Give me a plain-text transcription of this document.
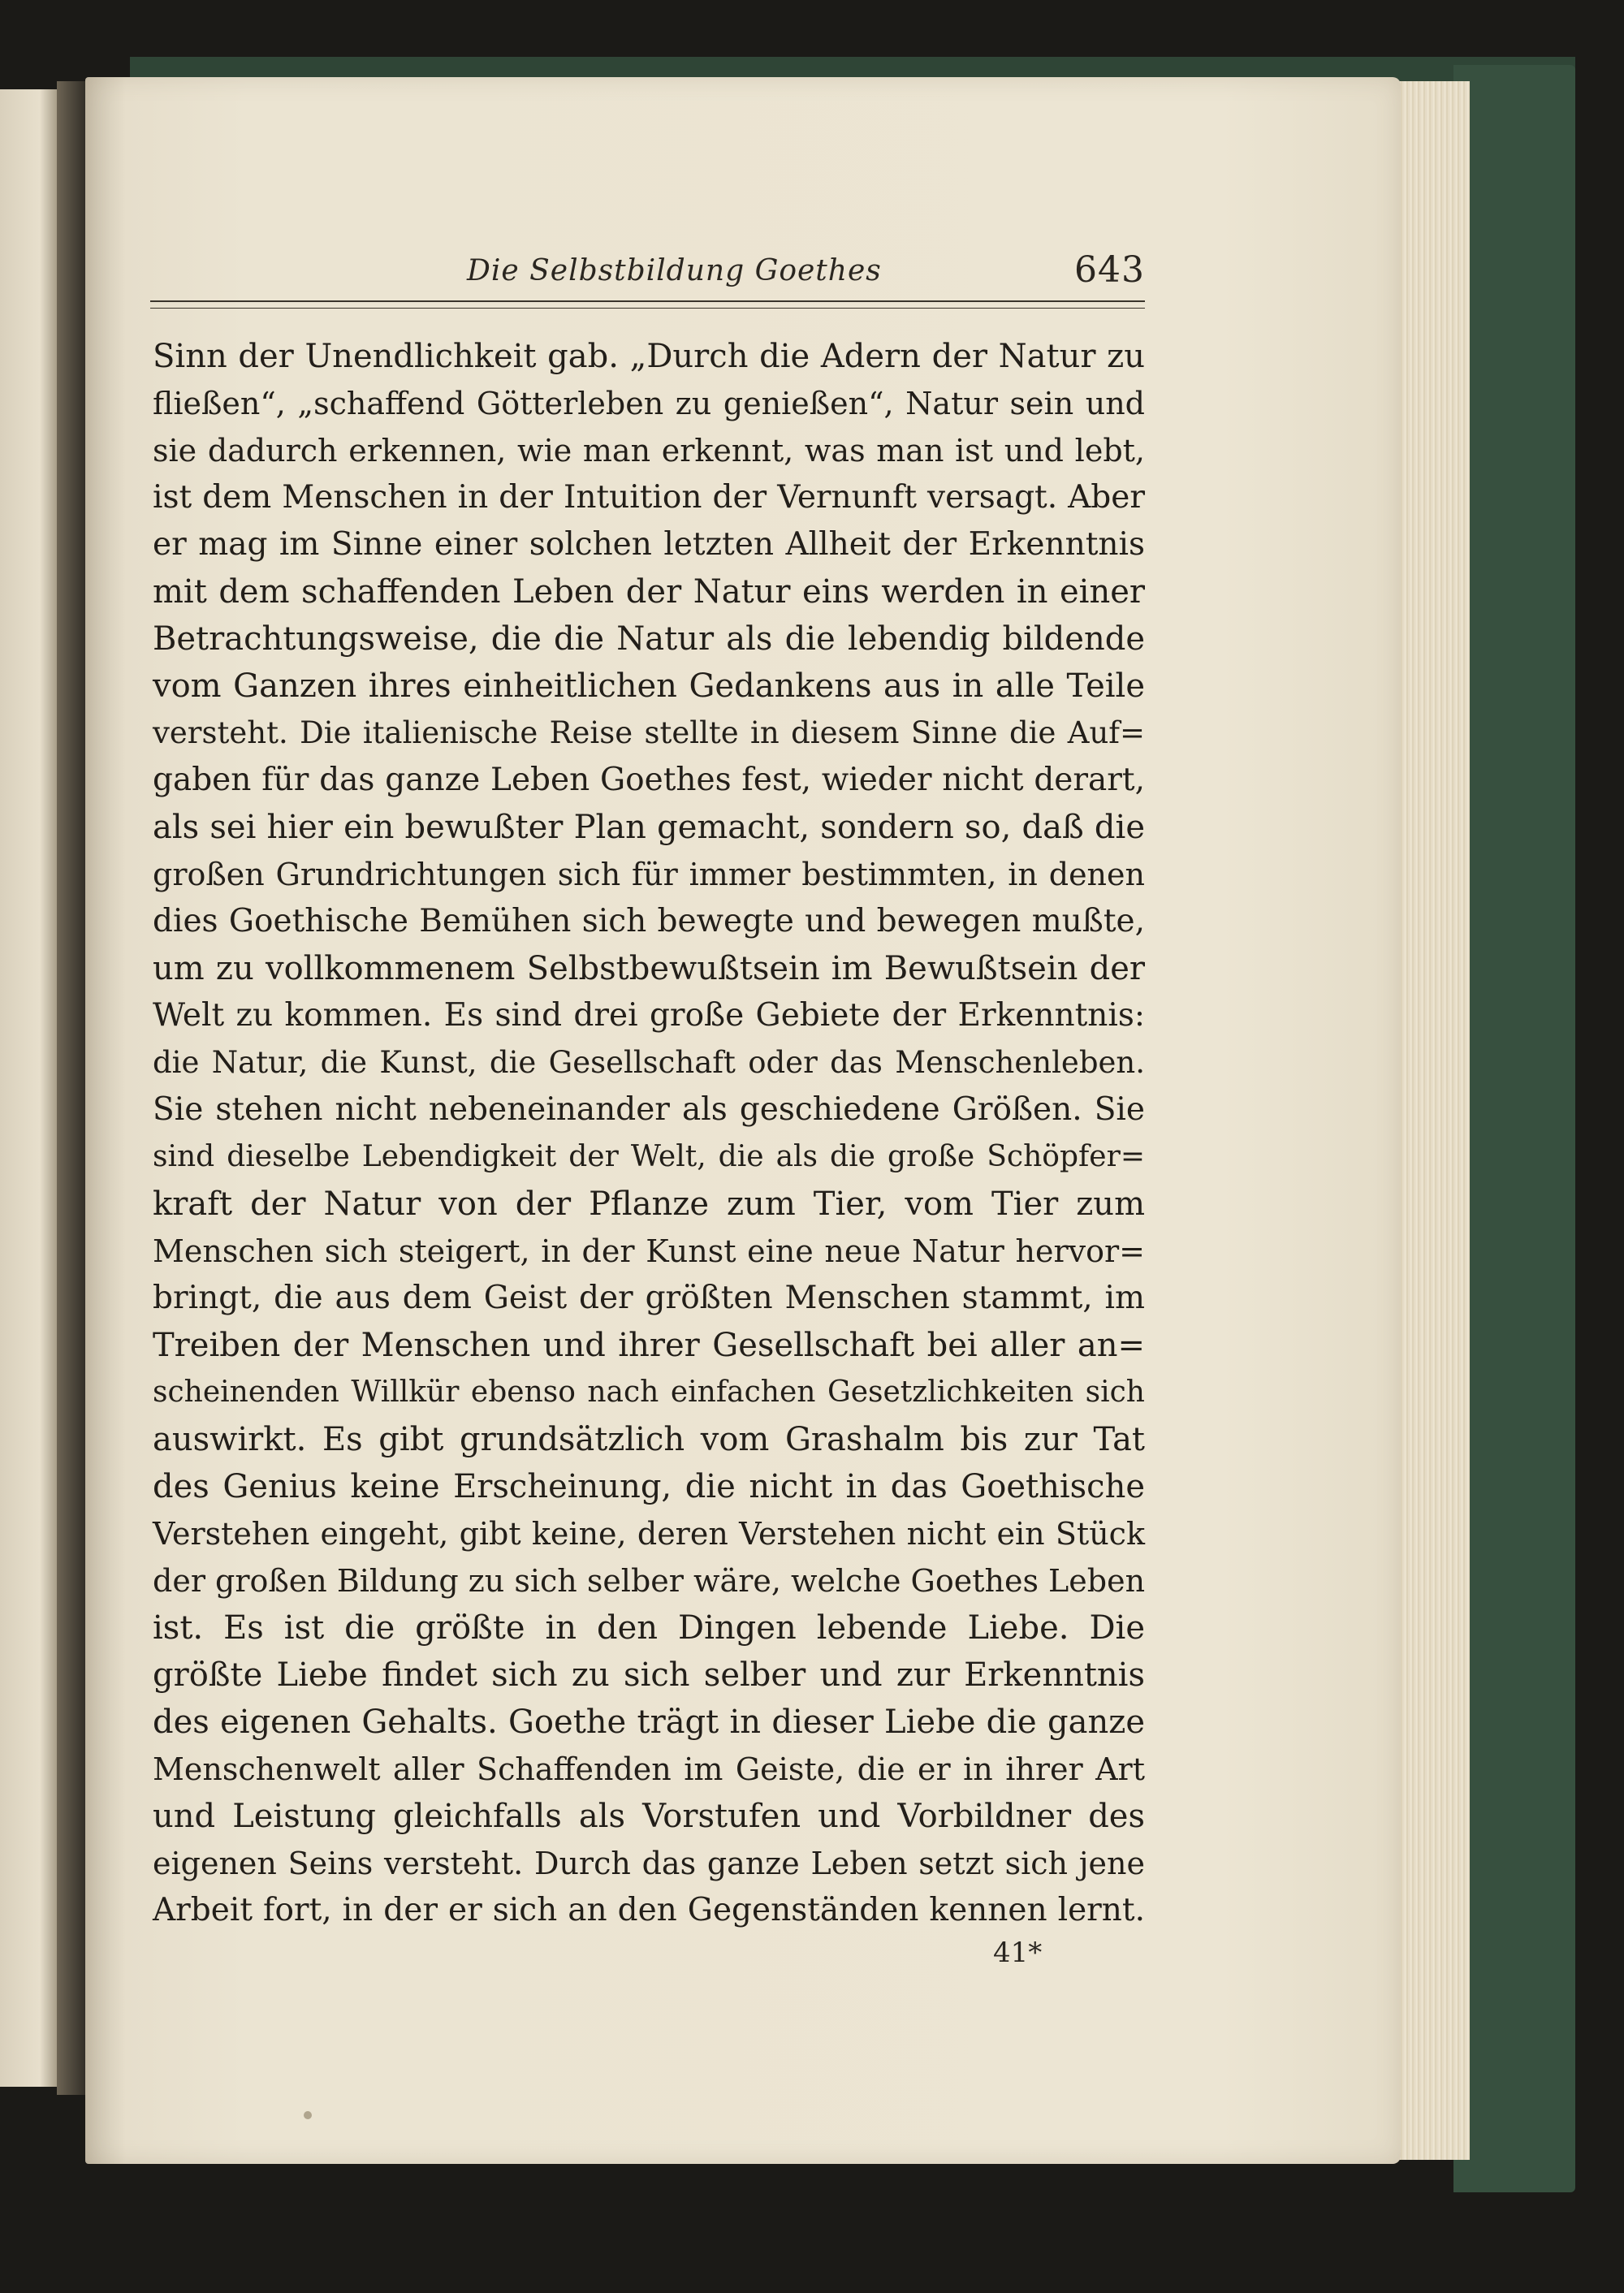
Die Selbstbildung Goethes	643
Sinn der Unendlichkeit gab. „Durch die Adern der Natur zu
fließen“, „schaffend Götterleben zu genießen“, Natur sein und
sie dadurch erkennen, wie man erkennt, was man ist und lebt,
ist dem Menschen in der Intuition der Vernunft versagt. Aber
er mag im Sinne einer solchen letzten Allheit der Erkenntnis
mit dem schaffenden Leben der Natur eins werden in einer
Betrachtungsweise, die die Natur als die lebendig bildende
vom Ganzen ihres einheitlichen Gedankens aus in alle Teile
versteht. Die italienische Reise stellte in diesem Sinne die Auf=
gaben für das ganze Leben Goethes fest, wieder nicht derart,
als sei hier ein bewußter Plan gemacht, sondern so, daß die
großen Grundrichtungen sich für immer bestimmten, in denen
dies Goethische Bemühen sich bewegte und bewegen mußte,
um zu vollkommenem Selbstbewußtsein im Bewußtsein der
Welt zu kommen. Es sind drei große Gebiete der Erkenntnis:
die Natur, die Kunst, die Gesellschaft oder das Menschenleben.
Sie stehen nicht nebeneinander als geschiedene Größen. Sie
sind dieselbe Lebendigkeit der Welt, die als die große Schöpfer=
kraft der Natur von der Pflanze zum Tier, vom Tier zum
Menschen sich steigert, in der Kunst eine neue Natur hervor=
bringt, die aus dem Geist der größten Menschen stammt, im
Treiben der Menschen und ihrer Gesellschaft bei aller an=
scheinenden Willkür ebenso nach einfachen Gesetzlichkeiten sich
auswirkt. Es gibt grundsätzlich vom Grashalm bis zur Tat
des Genius keine Erscheinung, die nicht in das Goethische
Verstehen eingeht, gibt keine, deren Verstehen nicht ein Stück
der großen Bildung zu sich selber wäre, welche Goethes Leben
ist. Es ist die größte in den Dingen lebende Liebe. Die
größte Liebe findet sich zu sich selber und zur Erkenntnis
des eigenen Gehalts. Goethe trägt in dieser Liebe die ganze
Menschenwelt aller Schaffenden im Geiste, die er in ihrer Art
und Leistung gleichfalls als Vorstufen und Vorbildner des
eigenen Seins versteht. Durch das ganze Leben setzt sich jene
Arbeit fort, in der er sich an den Gegenständen kennen lernt.
41*
